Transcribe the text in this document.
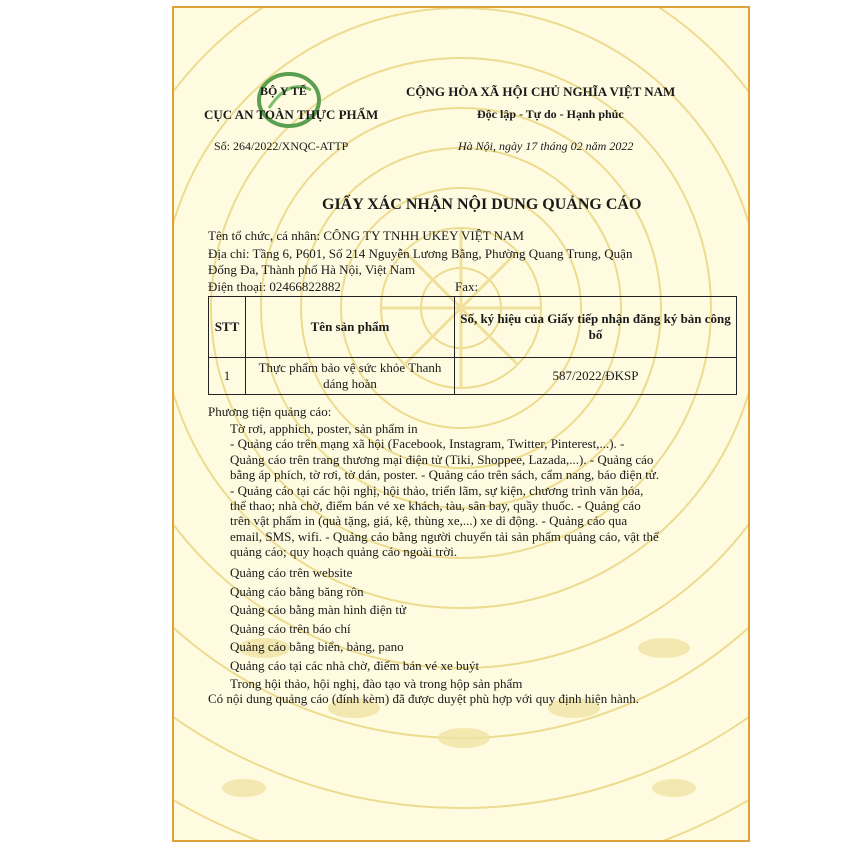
BỘ Y TẾ
CỤC AN TOÀN THỰC PHẨM
CỘNG HÒA XÃ HỘI CHỦ NGHĨA VIỆT NAM
Độc lập - Tự do - Hạnh phúc
Số: 264/2022/XNQC-ATTP	Hà Nội, ngày 17 tháng 02 năm 2022
GIẤY XÁC NHẬN NỘI DUNG QUẢNG CÁO
Tên tổ chức, cá nhân: CÔNG TY TNHH UKEY VIỆT NAM
Địa chỉ: Tầng 6, P601, Số 214 Nguyễn Lương Bằng, Phường Quang Trung, Quận
Đống Đa, Thành phố Hà Nội, Việt Nam
Điện thoại: 02466822882	Fax:
STT	Tên sản phẩm	Số, ký hiệu của Giấy tiếp nhận đăng ký bản công bố
1	Thực phẩm bảo vệ sức khỏe Thanh dáng hoàn	587/2022/ĐKSP
Phương tiện quảng cáo:
Tờ rơi, apphich, poster, sản phẩm in
- Quảng cáo trên mạng xã hội (Facebook, Instagram, Twitter, Pinterest,...). -
Quảng cáo trên trang thương mại điện tử (Tiki, Shoppee, Lazada,...). - Quảng cáo
bằng áp phích, tờ rơi, tờ dán, poster. - Quảng cáo trên sách, cẩm nang, báo điện tử.
- Quảng cáo tại các hội nghị, hội thảo, triển lãm, sự kiện, chương trình văn hóa,
thể thao; nhà chờ, điểm bán vé xe khách, tàu, sân bay, quầy thuốc. - Quảng cáo
trên vật phẩm in (quà tặng, giá, kệ, thùng xe,...) xe di động. - Quảng cáo qua
email, SMS, wifi. - Quảng cáo bằng người chuyển tải sản phẩm quảng cáo, vật thể
quảng cáo; quy hoạch quảng cáo ngoài trời.
Quảng cáo trên website
Quảng cáo bằng băng rôn
Quảng cáo bằng màn hình điện tử
Quảng cáo trên báo chí
Quảng cáo bằng biển, bảng, pano
Quảng cáo tại các nhà chờ, điểm bán vé xe buýt
Trong hội thảo, hội nghị, đào tạo và trong hộp sản phẩm
Có nội dung quảng cáo (đính kèm) đã được duyệt phù hợp với quy định hiện hành.
